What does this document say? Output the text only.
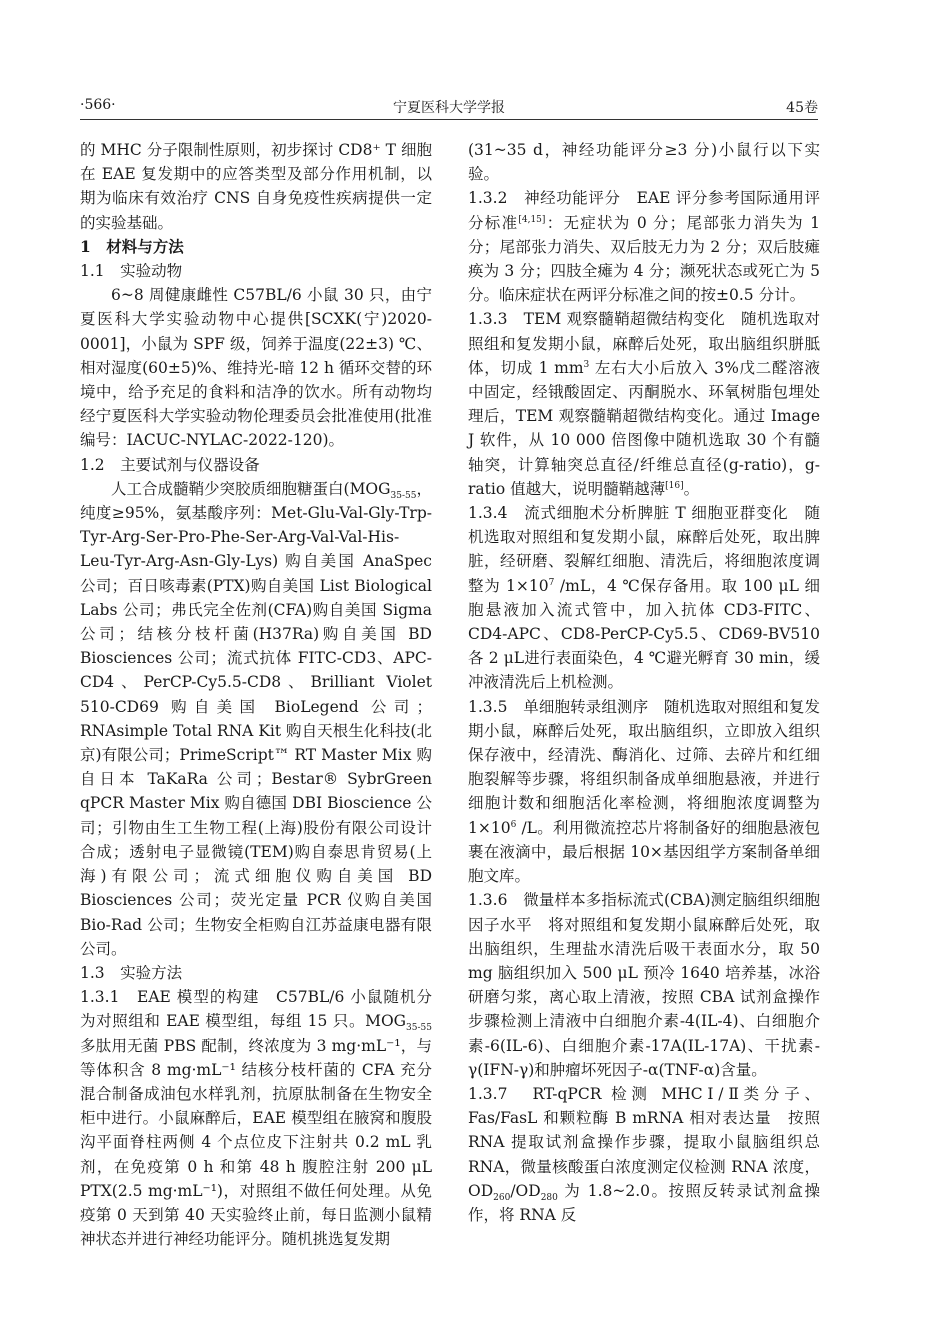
·566·	宁夏医科大学学报	45卷

的 MHC 分子限制性原则，初步探讨 CD8⁺ T 细胞在 EAE 复发期中的应答类型及部分作用机制，以期为临床有效治疗 CNS 自身免疫性疾病提供一定的实验基础。

1　材料与方法

1.1　实验动物

6~8 周健康雌性 C57BL/6 小鼠 30 只，由宁夏医科大学实验动物中心提供[SCXK(宁)2020-0001]，小鼠为 SPF 级，饲养于温度(22±3) ℃、相对湿度(60±5)%、维持光-暗 12 h 循环交替的环境中，给予充足的食料和洁净的饮水。所有动物均经宁夏医科大学实验动物伦理委员会批准使用(批准编号：IACUC-NYLAC-2022-120)。

1.2　主要试剂与仪器设备

人工合成髓鞘少突胶质细胞糖蛋白($MOG_{35-55}$，纯度≥95%，氨基酸序列：Met-Glu-Val-Gly-Trp-Tyr-Arg-Ser-Pro-Phe-Ser-Arg-Val-Val-His-Leu-Tyr-Arg-Asn-Gly-Lys) 购自美国 AnaSpec 公司；百日咳毒素(PTX)购自美国 List Biological Labs 公司；弗氏完全佐剂(CFA)购自美国 Sigma 公司；结核分枝杆菌(H37Ra)购自美国 BD Biosciences 公司；流式抗体 FITC-CD3、APC-CD4、PerCP-Cy5.5-CD8、Brilliant Violet 510-CD69 购自美国 BioLegend 公司；RNAsimple Total RNA Kit 购自天根生化科技(北京)有限公司；PrimeScript™ RT Master Mix 购自日本 TaKaRa 公司；Bestar® SybrGreen qPCR Master Mix 购自德国 DBI Bioscience 公司；引物由生工生物工程(上海)股份有限公司设计合成；透射电子显微镜(TEM)购自泰思肯贸易(上海)有限公司；流式细胞仪购自美国 BD Biosciences 公司；荧光定量 PCR 仪购自美国 Bio-Rad 公司；生物安全柜购自江苏益康电器有限公司。

1.3　实验方法

1.3.1　EAE 模型的构建　C57BL/6 小鼠随机分为对照组和 EAE 模型组，每组 15 只。$MOG_{35-55}$ 多肽用无菌 PBS 配制，终浓度为 3 mg·mL⁻¹，与等体积含 8 mg·mL⁻¹ 结核分枝杆菌的 CFA 充分混合制备成油包水样乳剂，抗原肽制备在生物安全柜中进行。小鼠麻醉后，EAE 模型组在腋窝和腹股沟平面脊柱两侧 4 个点位皮下注射共 0.2 mL 乳剂，在免疫第 0 h 和第 48 h 腹腔注射 200 μL PTX(2.5 mg·mL⁻¹)，对照组不做任何处理。从免疫第 0 天到第 40 天实验终止前，每日监测小鼠精神状态并进行神经功能评分。随机挑选复发期

(31~35 d，神经功能评分≥3 分)小鼠行以下实验。

1.3.2　神经功能评分　EAE 评分参考国际通用评分标准[4,15]：无症状为 0 分；尾部张力消失为 1 分；尾部张力消失、双后肢无力为 2 分；双后肢瘫痪为 3 分；四肢全瘫为 4 分；濒死状态或死亡为 5 分。临床症状在两评分标准之间的按±0.5 分计。

1.3.3　TEM 观察髓鞘超微结构变化　随机选取对照组和复发期小鼠，麻醉后处死，取出脑组织胼胝体，切成 1 $mm^3$ 左右大小后放入 3%戊二醛溶液中固定，经锇酸固定、丙酮脱水、环氧树脂包埋处理后，TEM 观察髓鞘超微结构变化。通过 Image J 软件，从 10 000 倍图像中随机选取 30 个有髓轴突，计算轴突总直径/纤维总直径(g-ratio)，g-ratio 值越大，说明髓鞘越薄[16]。

1.3.4　流式细胞术分析脾脏 T 细胞亚群变化　随机选取对照组和复发期小鼠，麻醉后处死，取出脾脏，经研磨、裂解红细胞、清洗后，将细胞浓度调整为 $1\times 10^7$ /mL，4 ℃保存备用。取 100 μL 细胞悬液加入流式管中，加入抗体 CD3-FITC、CD4-APC、CD8-PerCP-Cy5.5、CD69-BV510 各 2 μL进行表面染色，4 ℃避光孵育 30 min，缓冲液清洗后上机检测。

1.3.5　单细胞转录组测序　随机选取对照组和复发期小鼠，麻醉后处死，取出脑组织，立即放入组织保存液中，经清洗、酶消化、过筛、去碎片和红细胞裂解等步骤，将组织制备成单细胞悬液，并进行细胞计数和细胞活化率检测，将细胞浓度调整为 $1\times 10^6$ /L。利用微流控芯片将制备好的细胞悬液包裹在液滴中，最后根据 10×基因组学方案制备单细胞文库。

1.3.6　微量样本多指标流式(CBA)测定脑组织细胞因子水平　将对照组和复发期小鼠麻醉后处死，取出脑组织，生理盐水清洗后吸干表面水分，取 50 mg 脑组织加入 500 μL 预冷 1640 培养基，冰浴研磨匀浆，离心取上清液，按照 CBA 试剂盒操作步骤检测上清液中白细胞介素-4(IL-4)、白细胞介素-6(IL-6)、白细胞介素-17A(IL-17A)、干扰素-γ(IFN-γ)和肿瘤坏死因子-α(TNF-α)含量。

1.3.7　RT-qPCR 检测 MHCⅠ/Ⅱ类分子、Fas/FasL 和颗粒酶 B mRNA 相对表达量　按照 RNA 提取试剂盒操作步骤，提取小鼠脑组织总 RNA，微量核酸蛋白浓度测定仪检测 RNA 浓度，$OD_{260}/OD_{280}$ 为 1.8~2.0。按照反转录试剂盒操作，将 RNA 反
